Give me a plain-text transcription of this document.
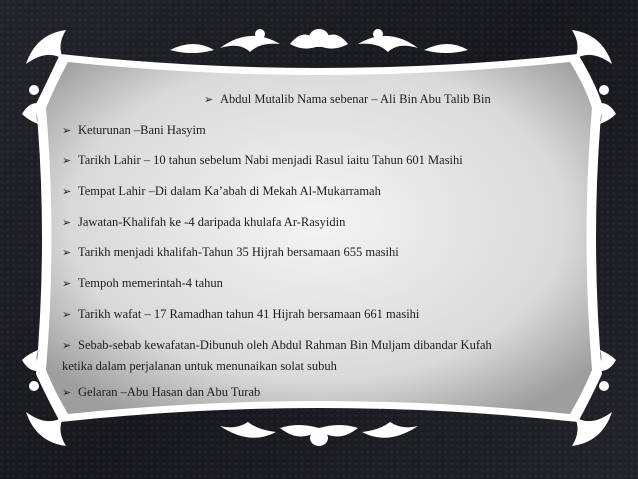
➢ Abdul Mutalib Nama sebenar – Ali Bin Abu Talib Bin
➢ Keturunan –Bani Hasyim
➢ Tarikh Lahir – 10 tahun sebelum Nabi menjadi Rasul iaitu Tahun 601 Masihi
➢ Tempat Lahir –Di dalam Ka’abah di Mekah Al-Mukarramah
➢ Jawatan-Khalifah ke -4 daripada khulafa Ar-Rasyidin
➢ Tarikh menjadi khalifah-Tahun 35 Hijrah bersamaan 655 masihi
➢ Tempoh memerintah-4 tahun
➢ Tarikh wafat – 17 Ramadhan tahun 41 Hijrah bersamaan 661 masihi
➢ Sebab-sebab kewafatan-Dibunuh oleh Abdul Rahman Bin Muljam dibandar Kufah
ketika dalam perjalanan untuk menunaikan solat subuh
➢ Gelaran –Abu Hasan dan Abu Turab
